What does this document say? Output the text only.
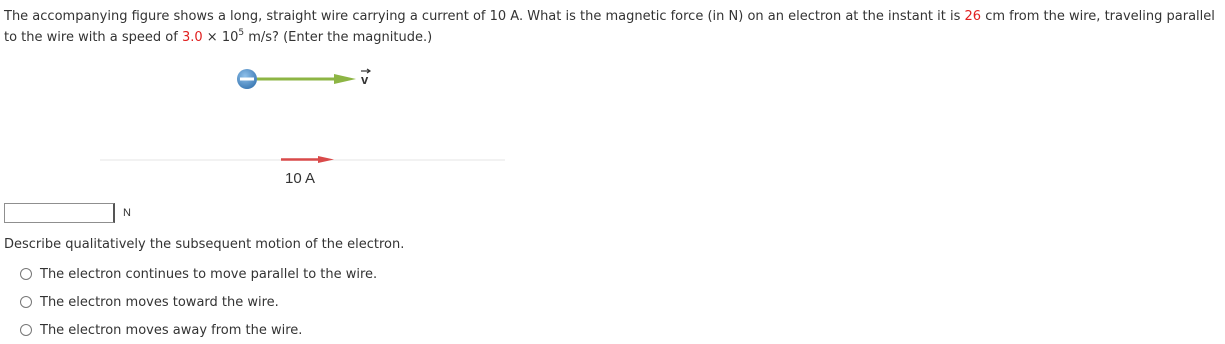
The accompanying figure shows a long, straight wire carrying a current of 10 A. What is the magnetic force (in N) on an electron at the instant it is 26 cm from the wire, traveling parallel to the wire with a speed of $3.0 \times 10^5$ m/s? (Enter the magnitude.)

v
10 A
N

Describe qualitatively the subsequent motion of the electron.

The electron continues to move parallel to the wire.
The electron moves toward the wire.
The electron moves away from the wire.
